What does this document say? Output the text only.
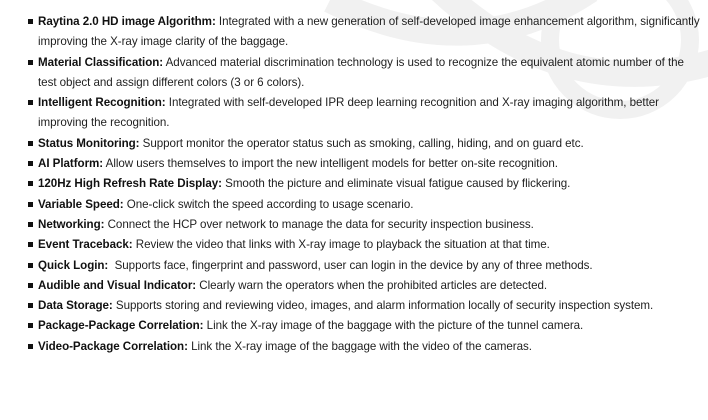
Raytina 2.0 HD image Algorithm: Integrated with a new generation of self-developed image enhancement algorithm, significantly improving the X-ray image clarity of the baggage.
Material Classification: Advanced material discrimination technology is used to recognize the equivalent atomic number of the test object and assign different colors (3 or 6 colors).
Intelligent Recognition: Integrated with self-developed IPR deep learning recognition and X-ray imaging algorithm, better improving the recognition.
Status Monitoring: Support monitor the operator status such as smoking, calling, hiding, and on guard etc.
AI Platform: Allow users themselves to import the new intelligent models for better on-site recognition.
120Hz High Refresh Rate Display: Smooth the picture and eliminate visual fatigue caused by flickering.
Variable Speed: One-click switch the speed according to usage scenario.
Networking: Connect the HCP over network to manage the data for security inspection business.
Event Traceback: Review the video that links with X-ray image to playback the situation at that time.
Quick Login:  Supports face, fingerprint and password, user can login in the device by any of three methods.
Audible and Visual Indicator: Clearly warn the operators when the prohibited articles are detected.
Data Storage: Supports storing and reviewing video, images, and alarm information locally of security inspection system.
Package-Package Correlation: Link the X-ray image of the baggage with the picture of the tunnel camera.
Video-Package Correlation: Link the X-ray image of the baggage with the video of the cameras.
